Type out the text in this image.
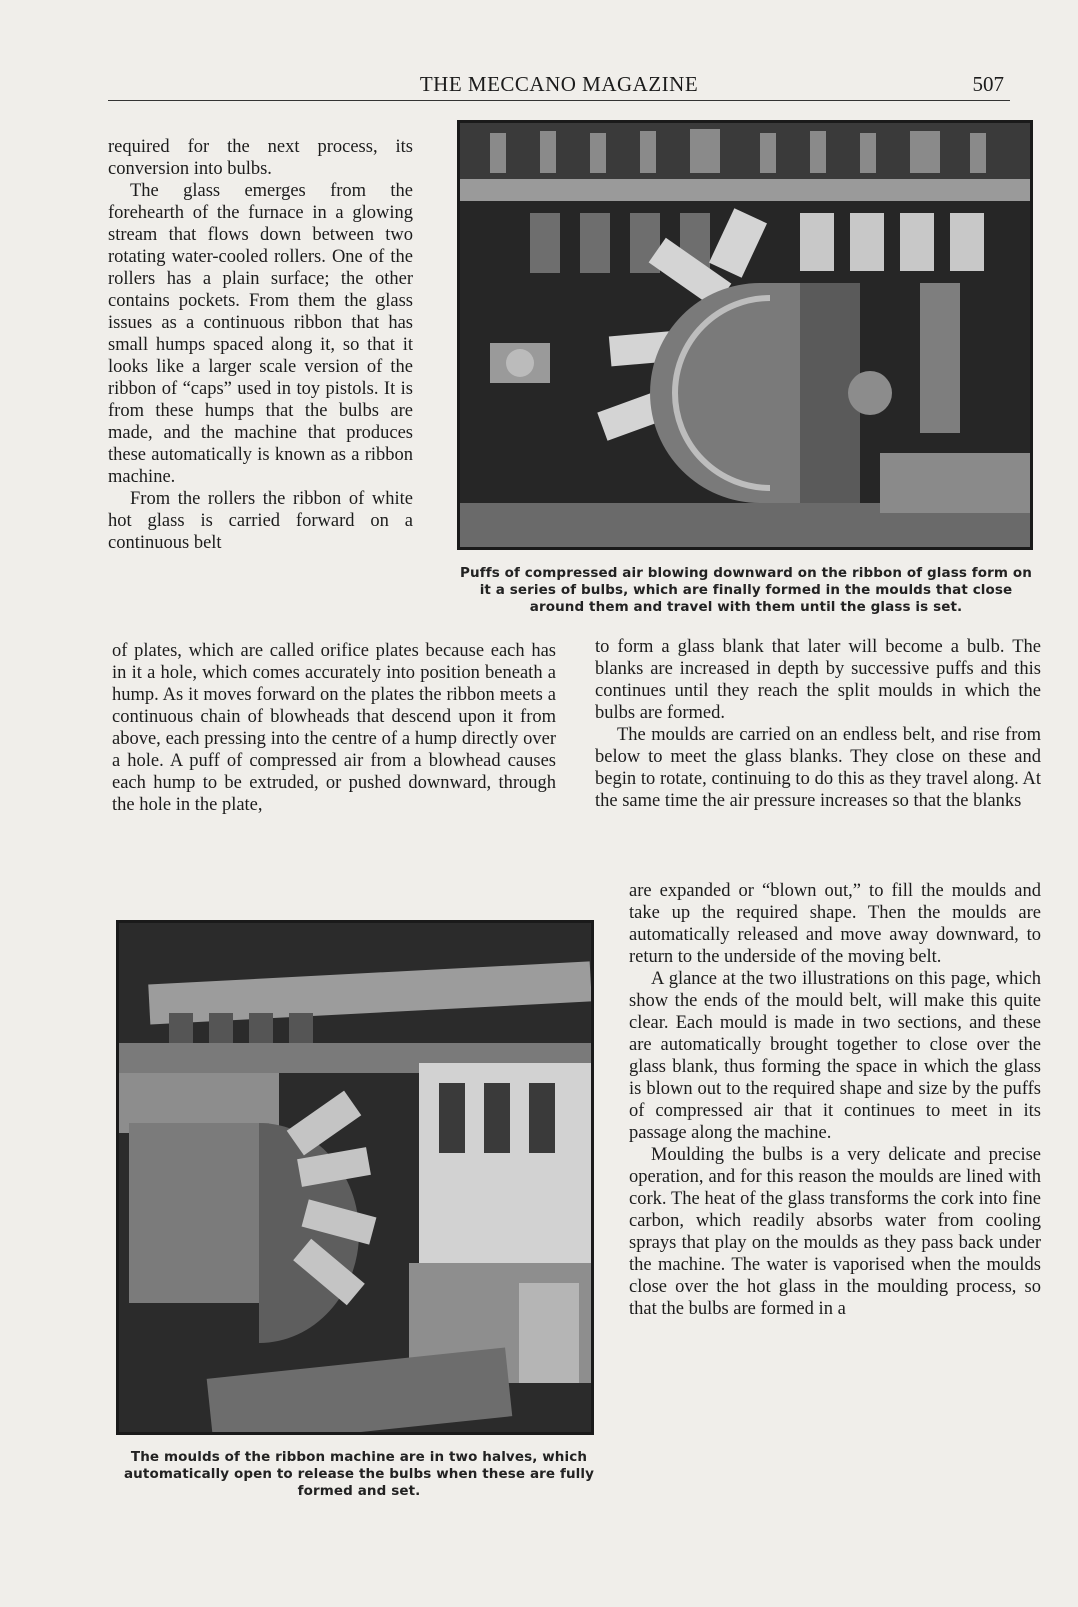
THE MECCANO MAGAZINE	507

required for the next process, its conversion into bulbs.

The glass emerges from the forehearth of the furnace in a glowing stream that flows down between two rotating water-cooled rollers. One of the rollers has a plain surface; the other contains pockets. From them the glass issues as a continuous ribbon that has small humps spaced along it, so that it looks like a larger scale version of the ribbon of “caps” used in toy pistols. It is from these humps that the bulbs are made, and the machine that produces these automatically is known as a ribbon machine.

From the rollers the ribbon of white hot glass is carried forward on a continuous belt

Puffs of compressed air blowing downward on the ribbon of glass form on it a series of bulbs, which are finally formed in the moulds that close around them and travel with them until the glass is set.

of plates, which are called orifice plates because each has in it a hole, which comes accurately into position beneath a hump. As it moves forward on the plates the ribbon meets a continuous chain of blowheads that descend upon it from above, each pressing into the centre of a hump directly over a hole. A puff of compressed air from a blowhead causes each hump to be extruded, or pushed downward, through the hole in the plate,

to form a glass blank that later will become a bulb. The blanks are increased in depth by successive puffs and this continues until they reach the split moulds in which the bulbs are formed.

The moulds are carried on an endless belt, and rise from below to meet the glass blanks. They close on these and begin to rotate, continuing to do this as they travel along. At the same time the air pressure increases so that the blanks

The moulds of the ribbon machine are in two halves, which automatically open to release the bulbs when these are fully formed and set.

are expanded or “blown out,” to fill the moulds and take up the required shape. Then the moulds are automatically released and move away downward, to return to the underside of the moving belt.

A glance at the two illustrations on this page, which show the ends of the mould belt, will make this quite clear. Each mould is made in two sections, and these are automatically brought together to close over the glass blank, thus forming the space in which the glass is blown out to the required shape and size by the puffs of compressed air that it continues to meet in its passage along the machine.

Moulding the bulbs is a very delicate and precise operation, and for this reason the moulds are lined with cork. The heat of the glass transforms the cork into fine carbon, which readily absorbs water from cooling sprays that play on the moulds as they pass back under the machine. The water is vaporised when the moulds close over the hot glass in the moulding process, so that the bulbs are formed in a
